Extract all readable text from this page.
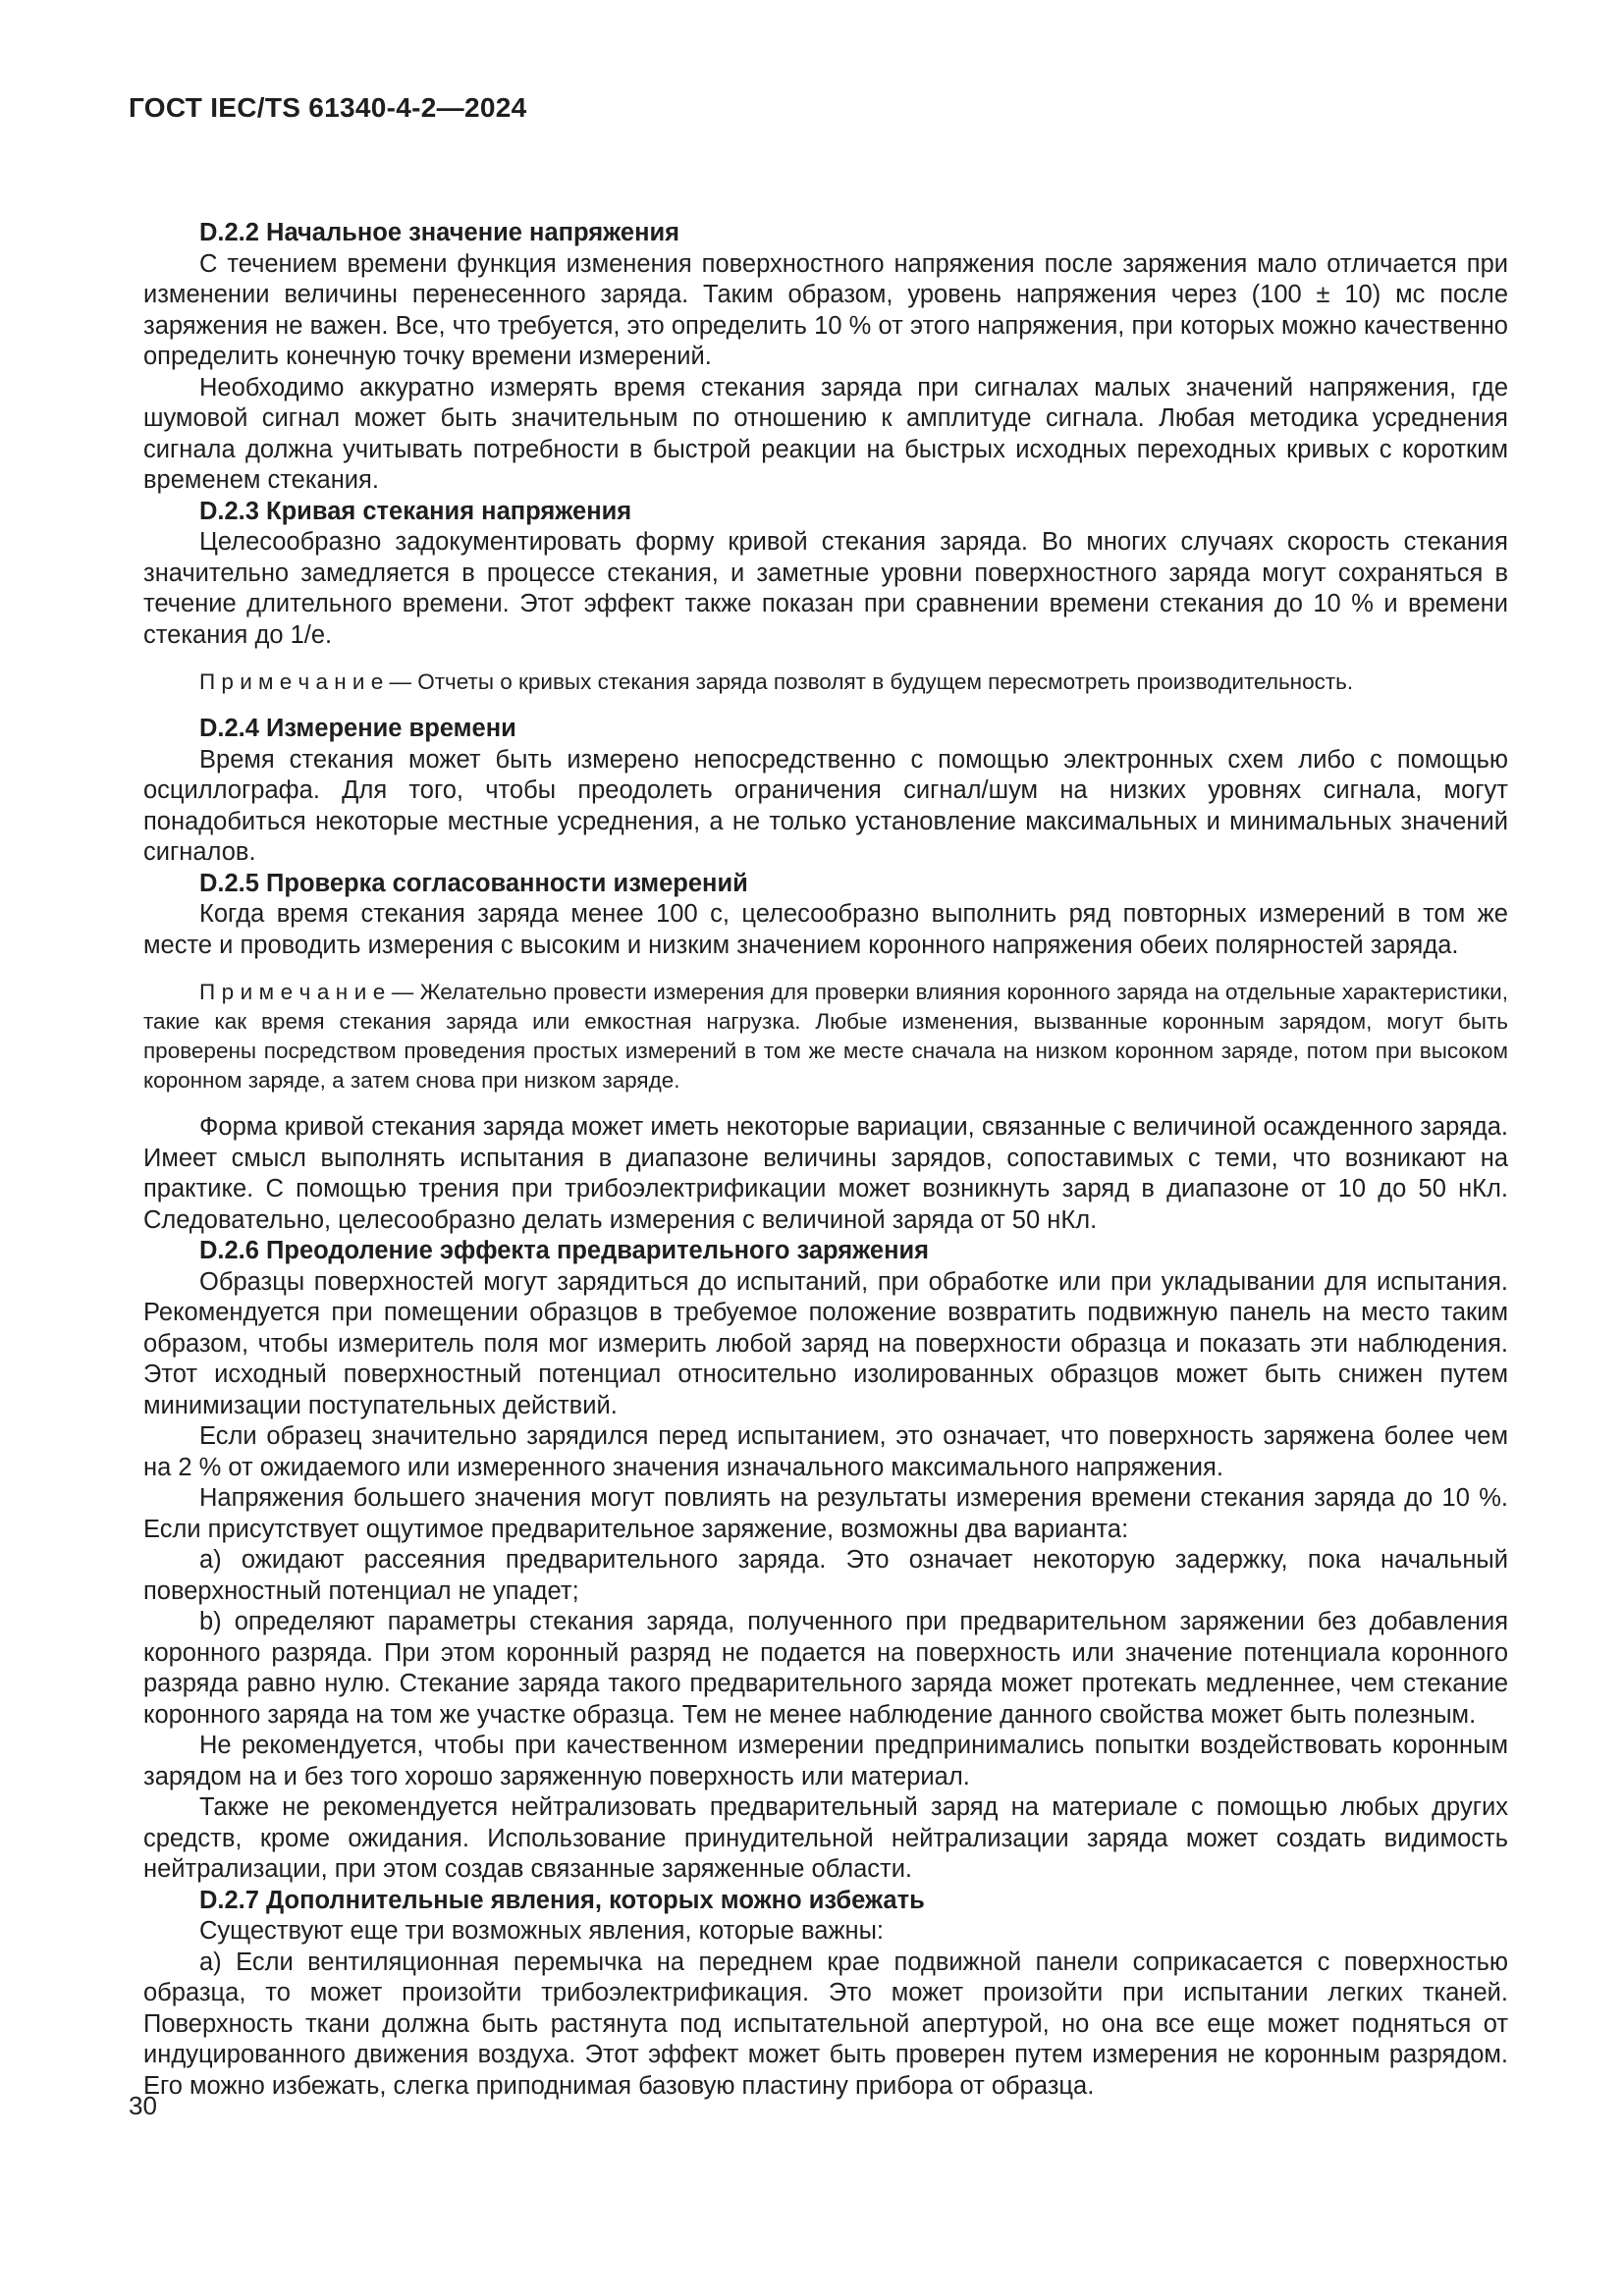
ГОСТ IEC/TS 61340-4-2—2024

D.2.2 Начальное значение напряжения

С течением времени функция изменения поверхностного напряжения после заряжения мало отличается при изменении величины перенесенного заряда. Таким образом, уровень напряжения через (100 ± 10) мс после заряжения не важен. Все, что требуется, это определить 10 % от этого напряжения, при которых можно качественно определить конечную точку времени измерений.

Необходимо аккуратно измерять время стекания заряда при сигналах малых значений напряжения, где шумовой сигнал может быть значительным по отношению к амплитуде сигнала. Любая методика усреднения сигнала должна учитывать потребности в быстрой реакции на быстрых исходных переходных кривых с коротким временем стекания.

D.2.3 Кривая стекания напряжения

Целесообразно задокументировать форму кривой стекания заряда. Во многих случаях скорость стекания значительно замедляется в процессе стекания, и заметные уровни поверхностного заряда могут сохраняться в течение длительного времени. Этот эффект также показан при сравнении времени стекания до 10 % и времени стекания до 1/е.

П р и м е ч а н и е — Отчеты о кривых стекания заряда позволят в будущем пересмотреть производительность.

D.2.4 Измерение времени

Время стекания может быть измерено непосредственно с помощью электронных схем либо с помощью осциллографа. Для того, чтобы преодолеть ограничения сигнал/шум на низких уровнях сигнала, могут понадобиться некоторые местные усреднения, а не только установление максимальных и минимальных значений сигналов.

D.2.5 Проверка согласованности измерений

Когда время стекания заряда менее 100 с, целесообразно выполнить ряд повторных измерений в том же месте и проводить измерения с высоким и низким значением коронного напряжения обеих полярностей заряда.

П р и м е ч а н и е — Желательно провести измерения для проверки влияния коронного заряда на отдельные характеристики, такие как время стекания заряда или емкостная нагрузка. Любые изменения, вызванные коронным зарядом, могут быть проверены посредством проведения простых измерений в том же месте сначала на низком коронном заряде, потом при высоком коронном заряде, а затем снова при низком заряде.

Форма кривой стекания заряда может иметь некоторые вариации, связанные с величиной осажденного заряда. Имеет смысл выполнять испытания в диапазоне величины зарядов, сопоставимых с теми, что возникают на практике. С помощью трения при трибоэлектрификации может возникнуть заряд в диапазоне от 10 до 50 нКл. Следовательно, целесообразно делать измерения с величиной заряда от 50 нКл.

D.2.6 Преодоление эффекта предварительного заряжения

Образцы поверхностей могут зарядиться до испытаний, при обработке или при укладывании для испытания. Рекомендуется при помещении образцов в требуемое положение возвратить подвижную панель на место таким образом, чтобы измеритель поля мог измерить любой заряд на поверхности образца и показать эти наблюдения. Этот исходный поверхностный потенциал относительно изолированных образцов может быть снижен путем минимизации поступательных действий.

Если образец значительно зарядился перед испытанием, это означает, что поверхность заряжена более чем на 2 % от ожидаемого или измеренного значения изначального максимального напряжения.

Напряжения большего значения могут повлиять на результаты измерения времени стекания заряда до 10 %. Если присутствует ощутимое предварительное заряжение, возможны два варианта:

a) ожидают рассеяния предварительного заряда. Это означает некоторую задержку, пока начальный поверхностный потенциал не упадет;

b) определяют параметры стекания заряда, полученного при предварительном заряжении без добавления коронного разряда. При этом коронный разряд не подается на поверхность или значение потенциала коронного разряда равно нулю. Стекание заряда такого предварительного заряда может протекать медленнее, чем стекание коронного заряда на том же участке образца. Тем не менее наблюдение данного свойства может быть полезным.

Не рекомендуется, чтобы при качественном измерении предпринимались попытки воздействовать коронным зарядом на и без того хорошо заряженную поверхность или материал.

Также не рекомендуется нейтрализовать предварительный заряд на материале с помощью любых других средств, кроме ожидания. Использование принудительной нейтрализации заряда может создать видимость нейтрализации, при этом создав связанные заряженные области.

D.2.7 Дополнительные явления, которых можно избежать

Существуют еще три возможных явления, которые важны:

a) Если вентиляционная перемычка на переднем крае подвижной панели соприкасается с поверхностью образца, то может произойти трибоэлектрификация. Это может произойти при испытании легких тканей. Поверхность ткани должна быть растянута под испытательной апертурой, но она все еще может подняться от индуцированного движения воздуха. Этот эффект может быть проверен путем измерения не коронным разрядом. Его можно избежать, слегка приподнимая базовую пластину прибора от образца.

30
